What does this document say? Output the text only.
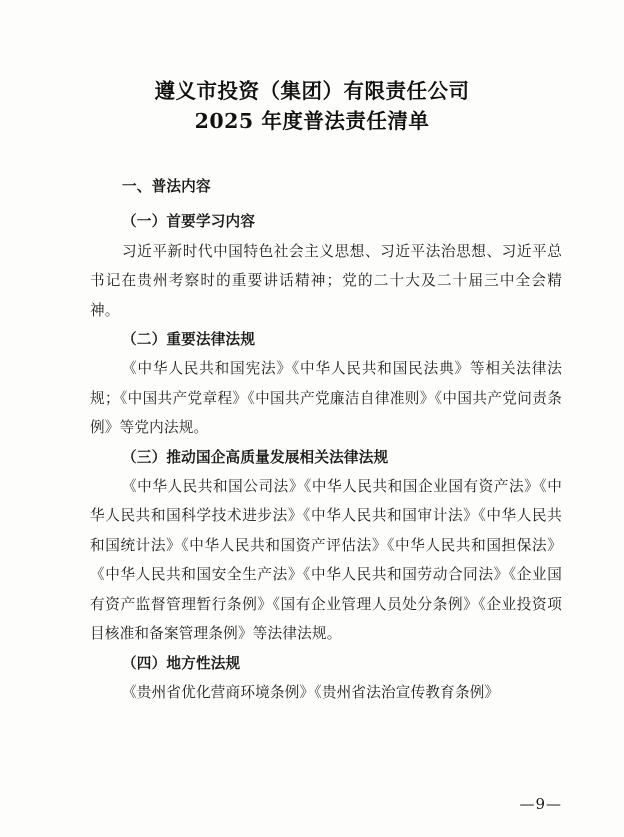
遵义市投资（集团）有限责任公司
2025 年度普法责任清单
一、普法内容
（一）首要学习内容

习近平新时代中国特色社会主义思想、习近平法治思想、习近平总书记在贵州考察时的重要讲话精神；党的二十大及二十届三中全会精神。

（二）重要法律法规

《中华人民共和国宪法》《中华人民共和国民法典》等相关法律法规；《中国共产党章程》《中国共产党廉洁自律准则》《中国共产党问责条例》等党内法规。

（三）推动国企高质量发展相关法律法规

《中华人民共和国公司法》《中华人民共和国企业国有资产法》《中华人民共和国科学技术进步法》《中华人民共和国审计法》《中华人民共和国统计法》《中华人民共和国资产评估法》《中华人民共和国担保法》《中华人民共和国安全生产法》《中华人民共和国劳动合同法》《企业国有资产监督管理暂行条例》《国有企业管理人员处分条例》《企业投资项目核准和备案管理条例》等法律法规。

（四）地方性法规

《贵州省优化营商环境条例》《贵州省法治宣传教育条例》

—9—
